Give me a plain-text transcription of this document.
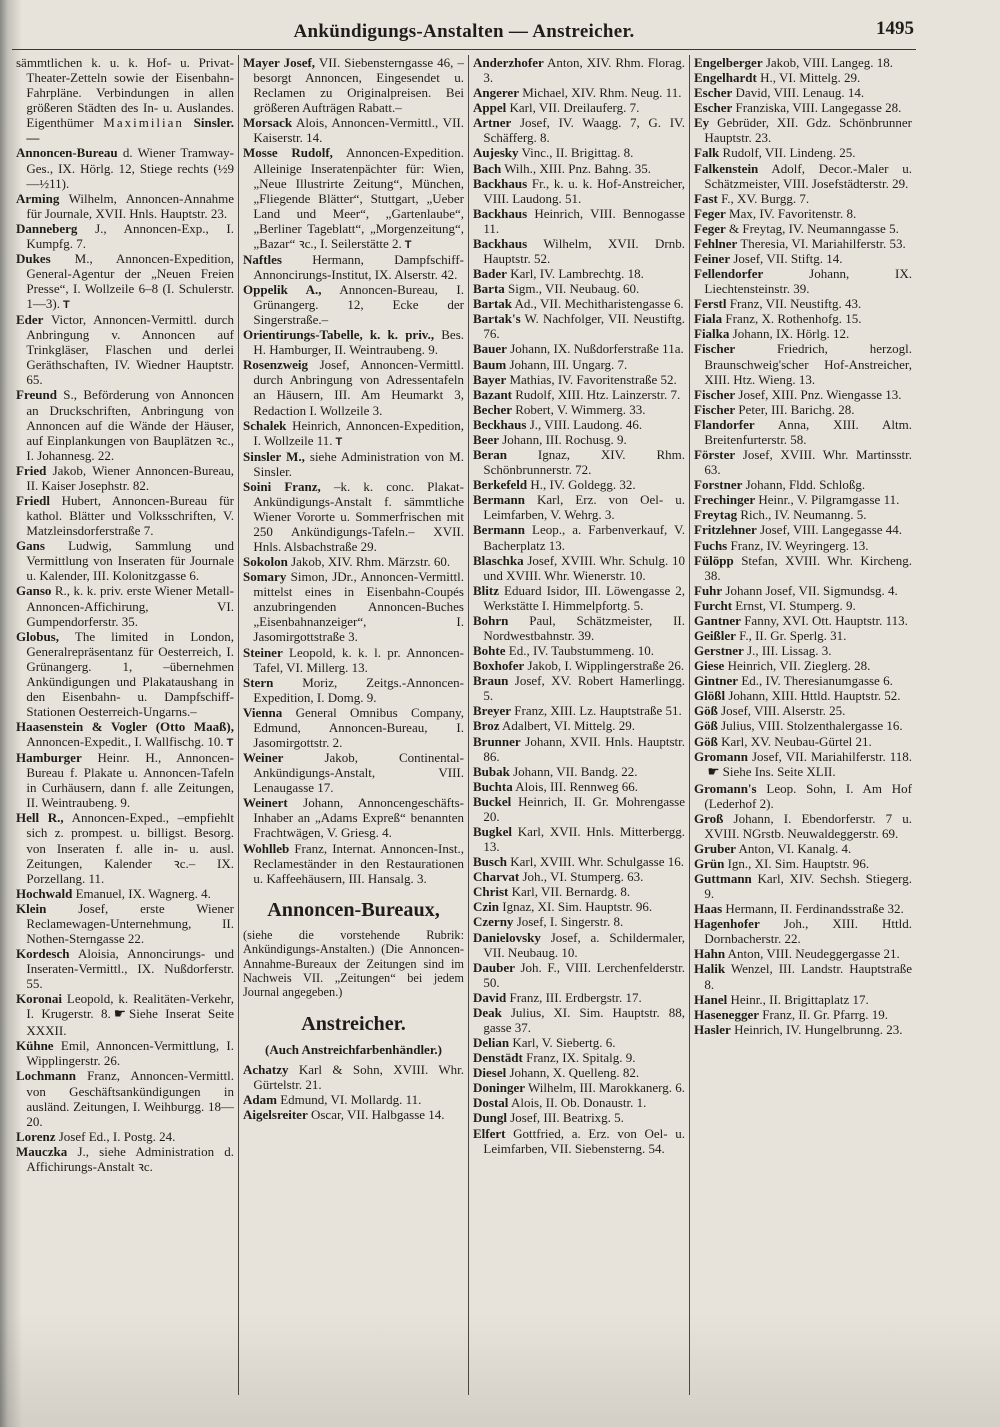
Ankündigungs-Anstalten — Anstreicher.	1495

sämmtlichen k. u. k. Hof- u. Privat-Theater-Zetteln sowie der Eisenbahn-Fahrpläne. Verbindungen in allen größeren Städten des In- u. Auslandes. Eigenthümer Maximilian Sinsler.—

Annoncen-Bureau d. Wiener Tramway-Ges., IX. Hörlg. 12, Stiege rechts (½9—½11).

Arming Wilhelm, Annoncen-Annahme für Journale, XVII. Hnls. Hauptstr. 23.

Danneberg J., Annoncen-Exp., I. Kumpfg. 7.

Dukes M., Annoncen-Expedition, General-Agentur der „Neuen Freien Presse“, I. Wollzeile 6–8 (I. Schulerstr. 1—3).T

Eder Victor, Annoncen-Vermittl. durch Anbringung v. Annoncen auf Trinkgläser, Flaschen und derlei Geräthschaften, IV. Wiedner Hauptstr. 65.

Freund S., Beförderung von Annoncen an Druckschriften, Anbringung von Annoncen auf die Wände der Häuser, auf Einplankungen von Bauplätzen ꝛc., I. Johannesg. 22.

Fried Jakob, Wiener Annoncen-Bureau, II. Kaiser Josephstr. 82.

Friedl Hubert, Annoncen-Bureau für kathol. Blätter und Volksschriften, V. Matzleinsdorferstraße 7.

Gans Ludwig, Sammlung und Vermittlung von Inseraten für Journale u. Kalender, III. Kolonitzgasse 6.

Ganso R., k. k. priv. erste Wiener Metall-Annoncen-Affichirung, VI. Gumpendorferstr. 35.

Globus, The limited in London, Generalrepräsentanz für Oesterreich, I. Grünangerg. 1, –übernehmen Ankündigungen und Plakataushang in den Eisenbahn- u. Dampfschiff-Stationen Oesterreich-Ungarns.–

Haasenstein & Vogler (Otto Maaß), Annoncen-Expedit., I. Wallfischg. 10.T

Hamburger Heinr. H., Annoncen-Bureau f. Plakate u. Annoncen-Tafeln in Curhäusern, dann f. alle Zeitungen, II. Weintraubeng. 9.

Hell R., Annoncen-Exped., –empfiehlt sich z. prompest. u. billigst. Besorg. von Inseraten f. alle in- u. ausl. Zeitungen, Kalender ꝛc.– IX. Porzellang. 11.

Hochwald Emanuel, IX. Wagnerg. 4.

Klein Josef, erste Wiener Reclamewagen-Unternehmung, II. Nothen-Sterngasse 22.

Kordesch Aloisia, Annoncirungs- und Inseraten-Vermittl., IX. Nußdorferstr. 55.

Koronai Leopold, k. Realitäten-Verkehr, I. Krugerstr. 8.☛ Siehe Inserat Seite XXXII.

Kühne Emil, Annoncen-Vermittlung, I. Wipplingerstr. 26.

Lochmann Franz, Annoncen-Vermittl. von Geschäftsankündigungen in ausländ. Zeitungen, I. Weihburgg. 18—20.

Lorenz Josef Ed., I. Postg. 24.

Mauczka J., siehe Administration d. Affichirungs-Anstalt ꝛc.

Mayer Josef, VII. Siebensterngasse 46, –besorgt Annoncen, Eingesendet u. Reclamen zu Originalpreisen. Bei größeren Aufträgen Rabatt.–

Morsack Alois, Annoncen-Vermittl., VII. Kaiserstr. 14.

Mosse Rudolf, Annoncen-Expedition. Alleinige Inseratenpächter für: Wien, „Neue Illustrirte Zeitung“, München, „Fliegende Blätter“, Stuttgart, „Ueber Land und Meer“, „Gartenlaube“, „Berliner Tageblatt“, „Morgenzeitung“, „Bazar“ ꝛc., I. Seilerstätte 2.T

Naftles Hermann, Dampfschiff-Annoncirungs-Institut, IX. Alserstr. 42.

Oppelik A., Annoncen-Bureau, I. Grünangerg. 12, Ecke der Singerstraße.–

Orientirungs-Tabelle, k. k. priv., Bes. H. Hamburger, II. Weintraubeng. 9.

Rosenzweig Josef, Annoncen-Vermittl. durch Anbringung von Adressentafeln an Häusern, III. Am Heumarkt 3, Redaction I. Wollzeile 3.

Schalek Heinrich, Annoncen-Expedition, I. Wollzeile 11.T

Sinsler M., siehe Administration von M. Sinsler.

Soini Franz, –k. k. conc. Plakat-Ankündigungs-Anstalt f. sämmtliche Wiener Vororte u. Sommerfrischen mit 250 Ankündigungs-Tafeln.– XVII. Hnls. Alsbachstraße 29.

Sokolon Jakob, XIV. Rhm. Märzstr. 60.

Somary Simon, JDr., Annoncen-Vermittl. mittelst eines in Eisenbahn-Coupés anzubringenden Annoncen-Buches „Eisenbahnanzeiger“, I. Jasomirgottstraße 3.

Steiner Leopold, k. k. l. pr. Annoncen-Tafel, VI. Millerg. 13.

Stern Moriz, Zeitgs.-Annoncen-Expedition, I. Domg. 9.

Vienna General Omnibus Company, Edmund, Annoncen-Bureau, I. Jasomirgottstr. 2.

Weiner	Jakob, Continental-Ankündigungs-Anstalt, VIII. Lenaugasse 17.

Weinert Johann, Annoncengeschäfts-Inhaber an „Adams Expreß“ benannten Frachtwägen, V. Griesg. 4.

Wohlleb Franz, Internat. Annoncen-Inst., Reclameständer in den Restaurationen u. Kaffeehäusern, III. Hansalg. 3.

Annoncen-Bureaux,

(siehe die vorstehende Rubrik: Ankündigungs-Anstalten.) (Die Annoncen-Annahme-Bureaux der Zeitungen sind im Nachweis VII. „Zeitungen“ bei jedem Journal angegeben.)

Anstreicher.
(Auch Anstreichfarbenhändler.)

Achatzy Karl & Sohn, XVIII. Whr. Gürtelstr. 21.

Adam Edmund, VI. Mollardg. 11.

Aigelsreiter Oscar, VII. Halbgasse 14.

Anderzhofer Anton, XIV. Rhm. Florag. 3.

Angerer Michael, XIV. Rhm. Neug. 11.

Appel Karl, VII. Dreilauferg. 7.

Artner Josef, IV. Waagg. 7, G. IV. Schäfferg. 8.

Aujesky Vinc., II. Brigittag. 8.

Bach Wilh., XIII. Pnz. Bahng. 35.

Backhaus Fr., k. u. k. Hof-Anstreicher, VIII. Laudong. 51.

Backhaus Heinrich, VIII. Bennogasse 11.

Backhaus Wilhelm, XVII. Drnb. Hauptstr. 52.

Bader Karl, IV. Lambrechtg. 18.

Barta Sigm., VII. Neubaug. 60.

Bartak Ad., VII. Mechitharistengasse 6.

Bartak's W. Nachfolger, VII. Neustiftg. 76.

Bauer Johann, IX. Nußdorferstraße 11a.

Baum Johann, III. Ungarg. 7.

Bayer Mathias, IV. Favoritenstraße 52.

Bazant Rudolf, XIII. Htz. Lainzerstr. 7.

Becher Robert, V. Wimmerg. 33.

Beckhaus J., VIII. Laudong. 46.

Beer Johann, III. Rochusg. 9.

Beran Ignaz, XIV. Rhm. Schönbrunnerstr. 72.

Berkefeld H., IV. Goldegg. 32.

Bermann Karl, Erz. von Oel- u. Leimfarben, V. Wehrg. 3.

Bermann Leop., a. Farbenverkauf, V. Bacherplatz 13.

Blaschka Josef, XVIII. Whr. Schulg. 10 und XVIII. Whr. Wienerstr. 10.

Blitz Eduard Isidor, III. Löwengasse 2, Werkstätte I. Himmelpfortg. 5.

Bohrn Paul, Schätzmeister, II. Nordwestbahnstr. 39.

Bohte Ed., IV. Taubstummeng. 10.

Boxhofer Jakob, I. Wipplingerstraße 26.

Braun Josef, XV. Robert Hamerlingg. 5.

Breyer Franz, XIII. Lz. Hauptstraße 51.

Broz Adalbert, VI. Mittelg. 29.

Brunner Johann, XVII. Hnls. Hauptstr. 86.

Bubak Johann, VII. Bandg. 22.

Buchta Alois, III. Rennweg 66.

Buckel Heinrich, II. Gr. Mohrengasse 20.

Bugkel Karl, XVII. Hnls. Mitterbergg. 13.

Busch Karl, XVIII. Whr. Schulgasse 16.

Charvat Joh., VI. Stumperg. 63.

Christ Karl, VII. Bernardg. 8.

Czin Ignaz, XI. Sim. Hauptstr. 96.

Czerny Josef, I. Singerstr. 8.

Danielovsky Josef, a. Schildermaler, VII. Neubaug. 10.

Dauber Joh. F., VIII. Lerchenfelderstr. 50.

David Franz, III. Erdbergstr. 17.

Deak Julius, XI. Sim. Hauptstr. 88, gasse 37.

Delian Karl, V. Siebertg. 6.

Denstädt Franz, IX. Spitalg. 9.

Diesel Johann, X. Quelleng. 82.

Doninger Wilhelm, III. Marokkanerg. 6.

Dostal Alois, II. Ob. Donaustr. 1.

Dungl Josef, III. Beatrixg. 5.

Elfert Gottfried, a. Erz. von Oel- u. Leimfarben, VII. Siebensterng. 54.

Engelberger Jakob, VIII. Langeg. 18.

Engelhardt H., VI. Mittelg. 29.

Escher David, VIII. Lenaug. 14.

Escher Franziska, VIII. Langegasse 28.

Ey Gebrüder, XII. Gdz. Schönbrunner Hauptstr. 23.

Falk Rudolf, VII. Lindeng. 25.

Falkenstein Adolf, Decor.-Maler u. Schätzmeister, VIII. Josefstädterstr. 29.

Fast F., XV. Burgg. 7.

Feger Max, IV. Favoritenstr. 8.

Feger & Freytag, IV. Neumanngasse 5.

Fehlner Theresia, VI. Mariahilferstr. 53.

Feiner Josef, VII. Stiftg. 14.

Fellendorfer	Johann, IX. Liechtensteinstr. 39.

Ferstl Franz, VII. Neustiftg. 43.

Fiala Franz, X. Rothenhofg. 15.

Fialka Johann, IX. Hörlg. 12.

Fischer	Friedrich, herzogl. Braunschweig'scher Hof-Anstreicher, XIII. Htz. Wieng. 13.

Fischer Josef, XIII. Pnz. Wiengasse 13.

Fischer Peter, III. Barichg. 28.

Flandorfer Anna, XIII. Altm. Breitenfurterstr. 58.

Förster Josef, XVIII. Whr. Martinsstr. 63.

Forstner Johann, Fldd. Schloßg.

Frechinger Heinr., V. Pilgramgasse 11.

Freytag Rich., IV. Neumanng. 5.

Fritzlehner Josef, VIII. Langegasse 44.

Fuchs Franz, IV. Weyringerg. 13.

Fülöpp Stefan, XVIII. Whr. Kircheng. 38.

Fuhr Johann Josef, VII. Sigmundsg. 4.

Furcht Ernst, VI. Stumperg. 9.

Gantner Fanny, XVI. Ott. Hauptstr. 113.

Geißler F., II. Gr. Sperlg. 31.

Gerstner J., III. Lissag. 3.

Giese Heinrich, VII. Zieglerg. 28.

Gintner Ed., IV. Theresianumgasse 6.

Glößl Johann, XIII. Httld. Hauptstr. 52.

Göß Josef, VIII. Alserstr. 25.

Göß Julius, VIII. Stolzenthalergasse 16.

Göß Karl, XV. Neubau-Gürtel 21.

Gromann Josef, VII. Mariahilferstr. 118.☛ Siehe Ins. Seite XLII.

Gromann's Leop. Sohn, I. Am Hof (Lederhof 2).

Groß Johann, I. Ebendorferstr. 7 u. XVIII. NGrstb. Neuwaldeggerstr. 69.

Gruber Anton, VI. Kanalg. 4.

Grün Ign., XI. Sim. Hauptstr. 96.

Guttmann Karl, XIV. Sechsh. Stiegerg. 9.

Haas Hermann, II. Ferdinandsstraße 32.

Hagenhofer Joh., XIII. Httld. Dornbacherstr. 22.

Hahn Anton, VIII. Neudeggergasse 21.

Halik Wenzel, III. Landstr. Hauptstraße 8.

Hanel Heinr., II. Brigittaplatz 17.

Hasenegger Franz, II. Gr. Pfarrg. 19.

Hasler Heinrich, IV. Hungelbrunng. 23.
